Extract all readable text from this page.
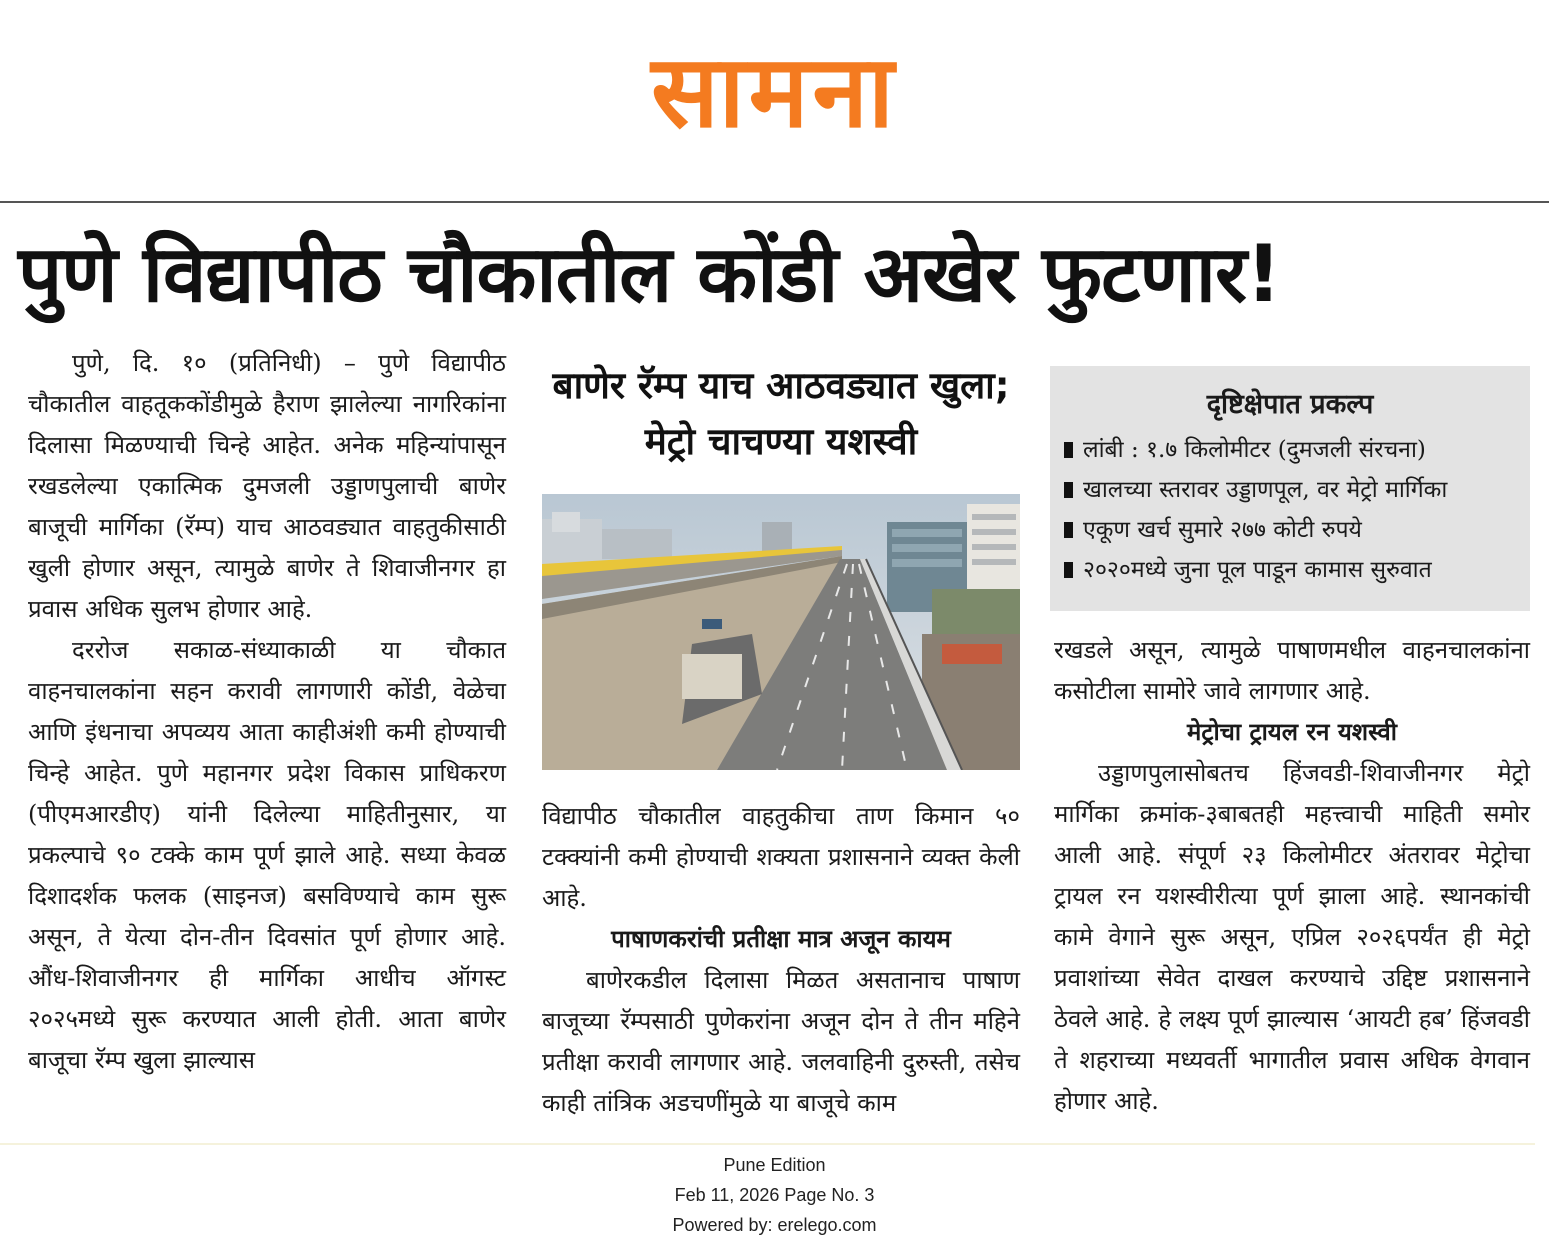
सामना
पुणे विद्यापीठ चौकातील कोंडी अखेर फुटणार!

पुणे, दि. १० (प्रतिनिधी) – पुणे विद्यापीठ चौकातील वाहतूककोंडीमुळे हैराण झालेल्या नागरिकांना दिलासा मिळण्याची चिन्हे आहेत. अनेक महिन्यांपासून रखडलेल्या एकात्मिक दुमजली उड्डाणपुलाची बाणेर बाजूची मार्गिका (रॅम्प) याच आठवड्यात वाहतुकीसाठी खुली होणार असून, त्यामुळे बाणेर ते शिवाजीनगर हा प्रवास अधिक सुलभ होणार आहे.

दररोज सकाळ-संध्याकाळी या चौकात वाहनचालकांना सहन करावी लागणारी कोंडी, वेळेचा आणि इंधनाचा अपव्यय आता काहीअंशी कमी होण्याची चिन्हे आहेत. पुणे महानगर प्रदेश विकास प्राधिकरण (पीएमआरडीए) यांनी दिलेल्या माहितीनुसार, या प्रकल्पाचे ९० टक्के काम पूर्ण झाले आहे. सध्या केवळ दिशादर्शक फलक (साइनज) बसविण्याचे काम सुरू असून, ते येत्या दोन-तीन दिवसांत पूर्ण होणार आहे. औंध-शिवाजीनगर ही मार्गिका आधीच ऑगस्ट २०२५मध्ये सुरू करण्यात आली होती. आता बाणेर बाजूचा रॅम्प खुला झाल्यास

बाणेर रॅम्प याच आठवड्यात खुला; मेट्रो चाचण्या यशस्वी

विद्यापीठ चौकातील वाहतुकीचा ताण किमान ५० टक्क्यांनी कमी होण्याची शक्यता प्रशासनाने व्यक्त केली आहे.

पाषाणकरांची प्रतीक्षा मात्र अजून कायम

बाणेरकडील दिलासा मिळत असतानाच पाषाण बाजूच्या रॅम्पसाठी पुणेकरांना अजून दोन ते तीन महिने प्रतीक्षा करावी लागणार आहे. जलवाहिनी दुरुस्ती, तसेच काही तांत्रिक अडचणींमुळे या बाजूचे काम

दृष्टिक्षेपात प्रकल्प
लांबी : १.७ किलोमीटर (दुमजली संरचना)
खालच्या स्तरावर उड्डाणपूल, वर मेट्रो मार्गिका
एकूण खर्च सुमारे २७७ कोटी रुपये
२०२०मध्ये जुना पूल पाडून कामास सुरुवात

रखडले असून, त्यामुळे पाषाणमधील वाहनचालकांना कसोटीला सामोरे जावे लागणार आहे.

मेट्रोचा ट्रायल रन यशस्वी

उड्डाणपुलासोबतच हिंजवडी-शिवाजीनगर मेट्रो मार्गिका क्रमांक-३बाबतही महत्त्वाची माहिती समोर आली आहे. संपूर्ण २३ किलोमीटर अंतरावर मेट्रोचा ट्रायल रन यशस्वीरीत्या पूर्ण झाला आहे. स्थानकांची कामे वेगाने सुरू असून, एप्रिल २०२६पर्यंत ही मेट्रो प्रवाशांच्या सेवेत दाखल करण्याचे उद्दिष्ट प्रशासनाने ठेवले आहे. हे लक्ष्य पूर्ण झाल्यास ‘आयटी हब’ हिंजवडी ते शहराच्या मध्यवर्ती भागातील प्रवास अधिक वेगवान होणार आहे.

Pune Edition
Feb 11, 2026 Page No. 3
Powered by: erelego.com
